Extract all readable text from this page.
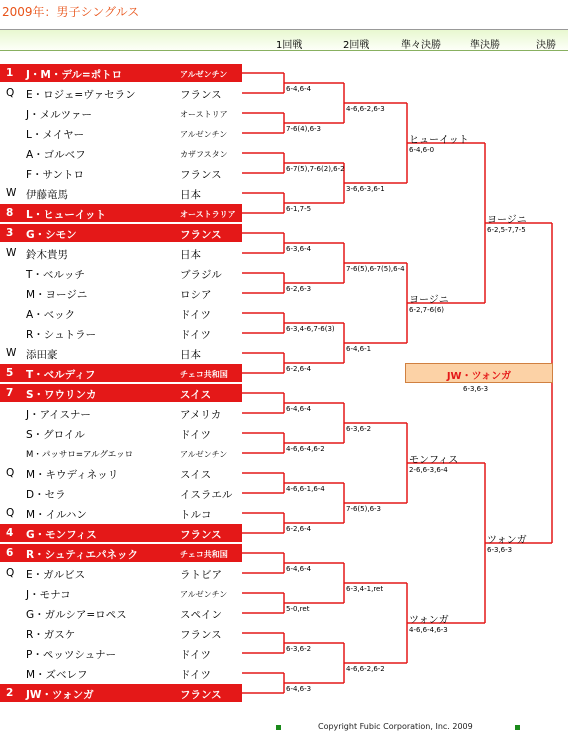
2009年：男子シングルス
1回戦	2回戦	準々決勝	準決勝	決勝
1	J・M・デル=ポトロ	アルゼンチン
Q	E・ロジェ=ヴァセラン	フランス
J・メルツァー	オーストリア
L・メイヤー	アルゼンチン
A・ゴルベフ	カザフスタン
F・サントロ	フランス
W 伊藤竜馬	日本
8	L・ヒューイット	オーストラリア
3	G・シモン	フランス
W 鈴木貴男	日本
T・ベルッチ	ブラジル
M・ヨージニ	ロシア
A・ベック	ドイツ
R・シュトラー	ドイツ
W 添田豪	日本
5	T・ベルディフ	チェコ共和国
7	S・ワウリンカ	スイス
J・アイスナー	アメリカ
S・グロイル	ドイツ
M・パッサロ=アルグエッロ	アルゼンチン
Q	M・キウディネッリ	スイス
D・セラ	イスラエル
Q	M・イルハン	トルコ
4	G・モンフィス	フランス
6	R・シュティエパネック	チェコ共和国
Q	E・ガルビス	ラトビア
J・モナコ	アルゼンチン
G・ガルシア=ロペス	スペイン
R・ガスケ	フランス
P・ペッツシュナー	ドイツ
M・ズベレフ	ドイツ
2	JW・ツォンガ	フランス
6-4,6-4
7-6(4),6-3
6-7(5),7-6(2),6-2
6-1,7-5
6-3,6-4
6-2,6-3
6-3,4-6,7-6(3)
6-2,6-4
6-4,6-4
4-6,6-4,6-2
4-6,6-1,6-4
6-2,6-4
6-4,6-4
5-0,ret
6-3,6-2
6-4,6-3
4-6,6-2,6-3
3-6,6-3,6-1
7-6(5),6-7(5),6-4
6-4,6-1
6-3,6-2
7-6(5),6-3
6-3,4-1,ret
4-6,6-2,6-2
ヒューイット
6-4,6-0
ヨージニ
6-2,7-6(6)
モンフィス
2-6,6-3,6-4
ツォンガ
4-6,6-4,6-3
ヨージニ
6-2,5-7,7-5
ツォンガ
6-3,6-3
JW・ツォンガ
6-3,6-3
Copyright Fubic Corporation, Inc. 2009
